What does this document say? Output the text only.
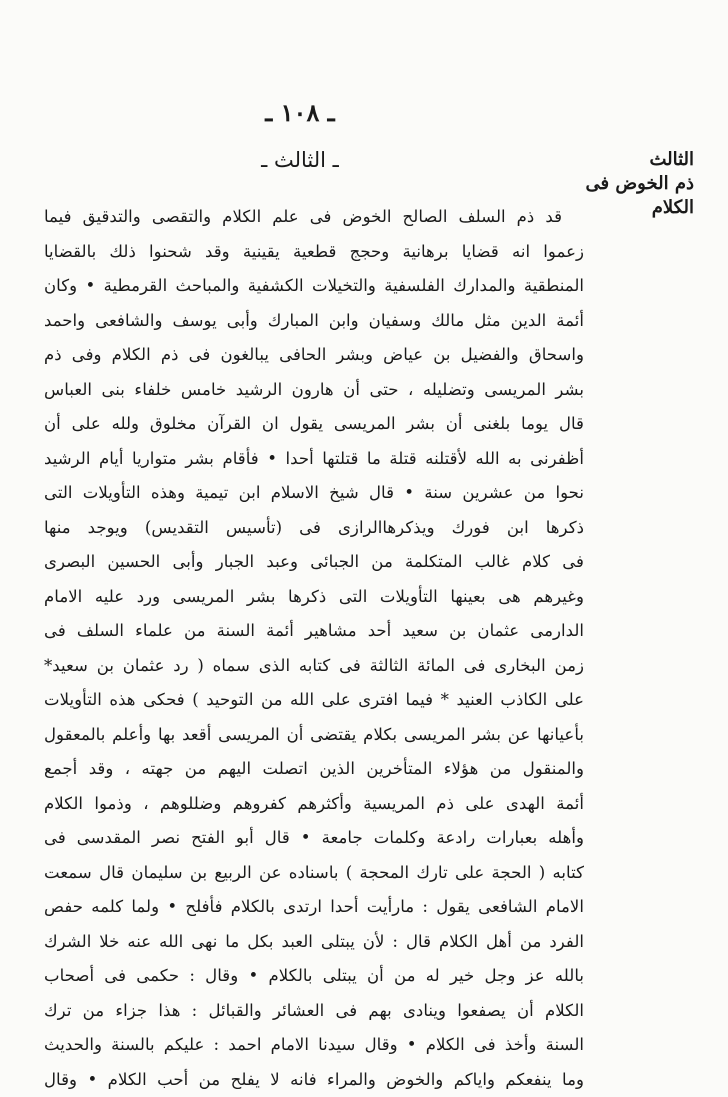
ـ ١٠٨ ـ
ـ الثالث ـ	الثالث
ذم الخوض فى
الكلام
قد ذم السلف الصالح الخوض فى علم الكلام والتقصى والتدقيق فيما
زعموا انه قضايا برهانية وحجج قطعية يقينية وقد شحنوا ذلك بالقضايا
المنطقية والمدارك الفلسفية والتخيلات الكشفية والمباحث القرمطية • وكان
أئمة الدين مثل مالك وسفيان وابن المبارك وأبى يوسف والشافعى واحمد
واسحاق والفضيل بن عياض وبشر الحافى يبالغون فى ذم الكلام وفى ذم
بشر المريسى وتضليله ، حتى أن هارون الرشيد خامس خلفاء بنى العباس
قال يوما بلغنى أن بشر المريسى يقول ان القرآن مخلوق ولله على أن
أظفرنى به الله لأقتلنه قتلة ما قتلتها أحدا • فأقام بشر متواريا أيام الرشيد
نحوا من عشرين سنة • قال شيخ الاسلام ابن تيمية وهذه التأويلات التى
ذكرها ابن فورك ويذكرهاالرازى فى (تأسيس التقديس) ويوجد منها
فى كلام غالب المتكلمة من الجبائى وعبد الجبار وأبى الحسين البصرى
وغيرهم هى بعينها التأويلات التى ذكرها بشر المريسى ورد عليه الامام
الدارمى عثمان بن سعيد أحد مشاهير أئمة السنة من علماء السلف فى
زمن البخارى فى المائة الثالثة فى كتابه الذى سماه ( رد عثمان بن سعيد*
على الكاذب العنيد * فيما افترى على الله من التوحيد ) فحكى هذه التأويلات
بأعيانها عن بشر المريسى بكلام يقتضى أن المريسى أقعد بها وأعلم بالمعقول
والمنقول من هؤلاء المتأخرين الذين اتصلت اليهم من جهته ، وقد أجمع
أئمة الهدى على ذم المريسية وأكثرهم كفروهم وضللوهم ، وذموا الكلام
وأهله بعبارات رادعة وكلمات جامعة • قال أبو الفتح نصر المقدسى فى
كتابه ( الحجة على تارك المحجة ) باسناده عن الربيع بن سليمان قال سمعت
الامام الشافعى يقول : مارأيت أحدا ارتدى بالكلام فأفلح • ولما كلمه حفص
الفرد من أهل الكلام قال : لأن يبتلى العبد بكل ما نهى الله عنه خلا الشرك
بالله عز وجل خير له من أن يبتلى بالكلام • وقال : حكمى فى أصحاب
الكلام أن يصفعوا وينادى بهم فى العشائر والقبائل : هذا جزاء من ترك
السنة وأخذ فى الكلام • وقال سيدنا الامام احمد : عليكم بالسنة والحديث
وما ينفعكم واياكم والخوض والمراء فانه لا يفلح من أحب الكلام • وقال
